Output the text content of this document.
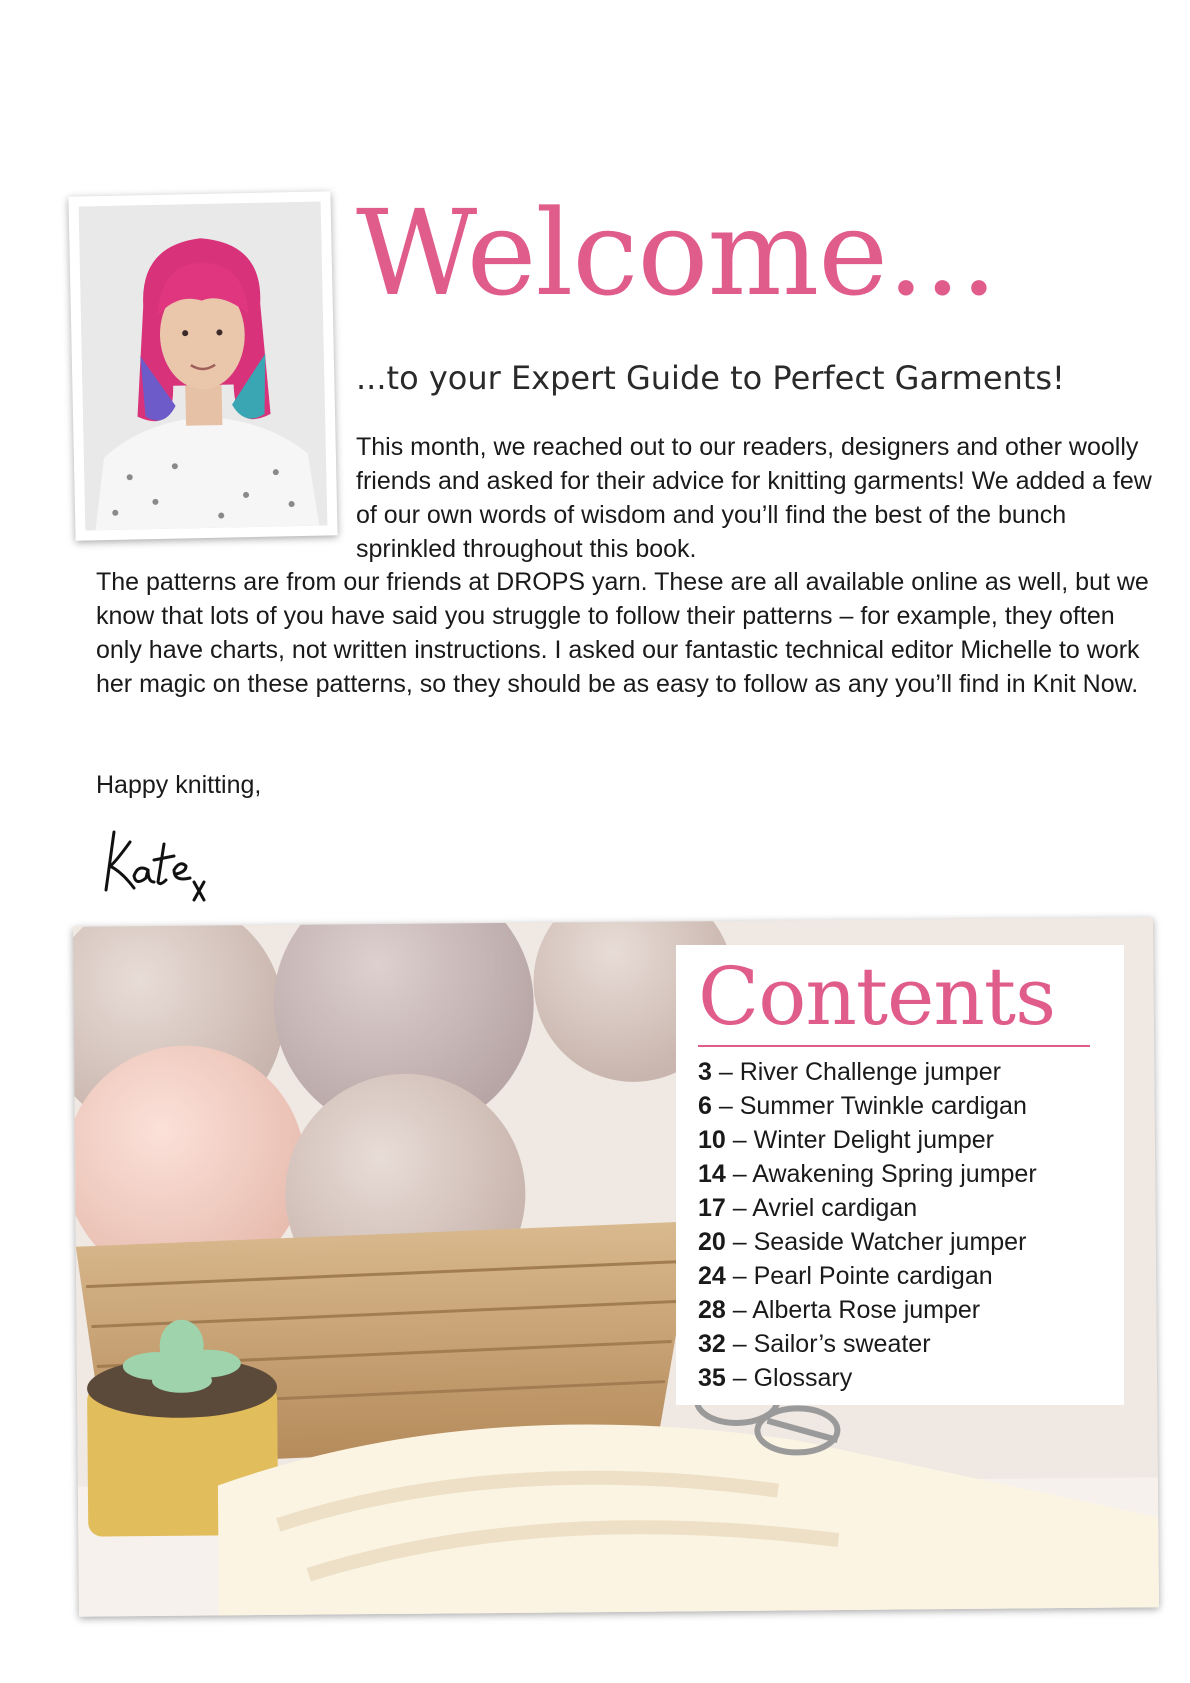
Welcome...
...to your Expert Guide to Perfect Garments!

This month, we reached out to our readers, designers and other woolly friends and asked for their advice for knitting garments! We added a few of our own words of wisdom and you’ll find the best of the bunch sprinkled throughout this book.

The patterns are from our friends at DROPS yarn. These are all available online as well, but we know that lots of you have said you struggle to follow their patterns – for example, they often only have charts, not written instructions. I asked our fantastic technical editor Michelle to work her magic on these patterns, so they should be as easy to follow as any you’ll find in Knit Now.

Happy knitting,

Contents
3 – River Challenge jumper
6 – Summer Twinkle cardigan
10 – Winter Delight jumper
14 – Awakening Spring jumper
17 – Avriel cardigan
20 – Seaside Watcher jumper
24 – Pearl Pointe cardigan
28 – Alberta Rose jumper
32 – Sailor’s sweater
35 – Glossary
